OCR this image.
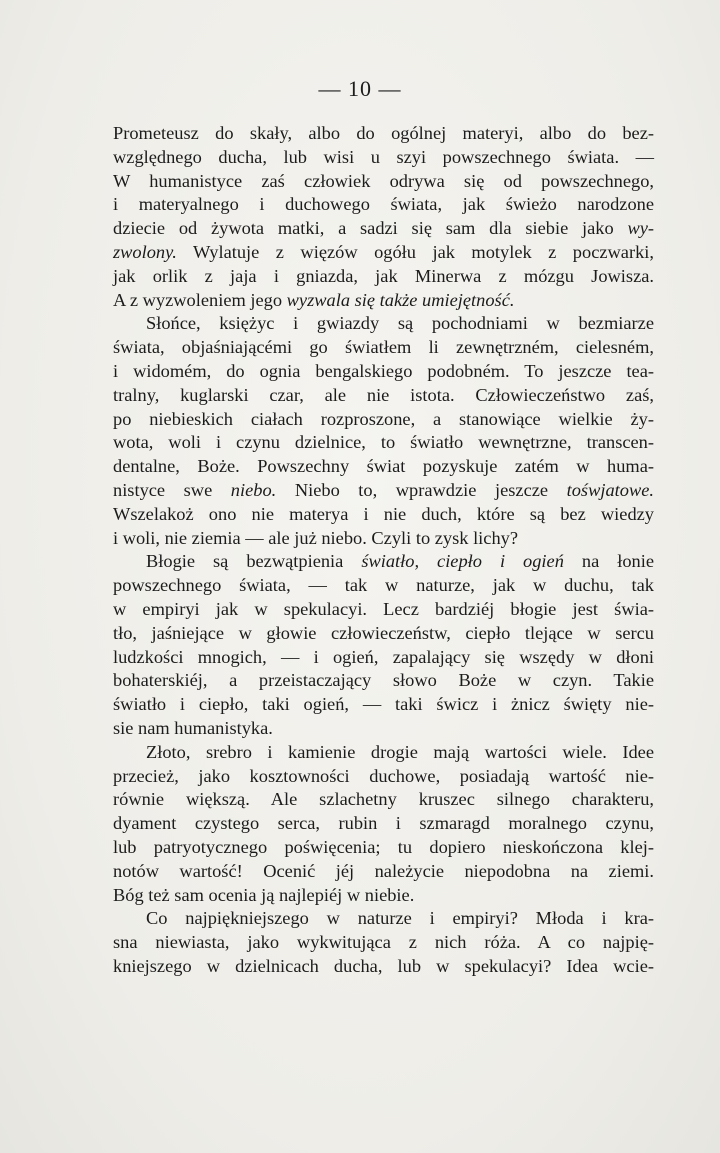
— 10 —
Prometeusz do skały, albo do ogólnej materyi, albo do bez-
względnego ducha, lub wisi u szyi powszechnego świata. —
W humanistyce zaś człowiek odrywa się od powszechnego,
i materyalnego i duchowego świata, jak świeżo narodzone
dziecie od żywota matki, a sadzi się sam dla siebie jako wy-
zwolony. Wylatuje z więzów ogółu jak motylek z poczwarki,
jak orlik z jaja i gniazda, jak Minerwa z mózgu Jowisza.
A z wyzwoleniem jego wyzwala się także umiejętność.
Słońce, księżyc i gwiazdy są pochodniami w bezmiarze
świata, objaśniającémi go światłem li zewnętrzném, cielesném,
i widomém, do ognia bengalskiego podobném. To jeszcze tea-
tralny, kuglarski czar, ale nie istota. Człowieczeństwo zaś,
po niebieskich ciałach rozproszone, a stanowiące wielkie ży-
wota, woli i czynu dzielnice, to światło wewnętrzne, transcen-
dentalne, Boże. Powszechny świat pozyskuje zatém w huma-
nistyce swe niebo. Niebo to, wprawdzie jeszcze tośwjatowe.
Wszelakoż ono nie materya i nie duch, które są bez wiedzy
i woli, nie ziemia — ale już niebo. Czyli to zysk lichy?
Błogie są bezwątpienia światło, ciepło i ogień na łonie
powszechnego świata, — tak w naturze, jak w duchu, tak
w empiryi jak w spekulacyi. Lecz bardziéj błogie jest świa-
tło, jaśniejące w głowie człowieczeństw, ciepło tlejące w sercu
ludzkości mnogich, — i ogień, zapalający się wszędy w dłoni
bohaterskiéj, a przeistaczający słowo Boże w czyn. Takie
światło i ciepło, taki ogień, — taki świcz i żnicz święty nie-
sie nam humanistyka.
Złoto, srebro i kamienie drogie mają wartości wiele. Idee
przecież, jako kosztowności duchowe, posiadają wartość nie-
równie większą. Ale szlachetny kruszec silnego charakteru,
dyament czystego serca, rubin i szmaragd moralnego czynu,
lub patryotycznego poświęcenia; tu dopiero nieskończona klej-
notów wartość! Ocenić jéj należycie niepodobna na ziemi.
Bóg też sam ocenia ją najlepiéj w niebie.
Co najpiękniejszego w naturze i empiryi? Młoda i kra-
sna niewiasta, jako wykwitująca z nich róża. A co najpię-
kniejszego w dzielnicach ducha, lub w spekulacyi? Idea wcie-
